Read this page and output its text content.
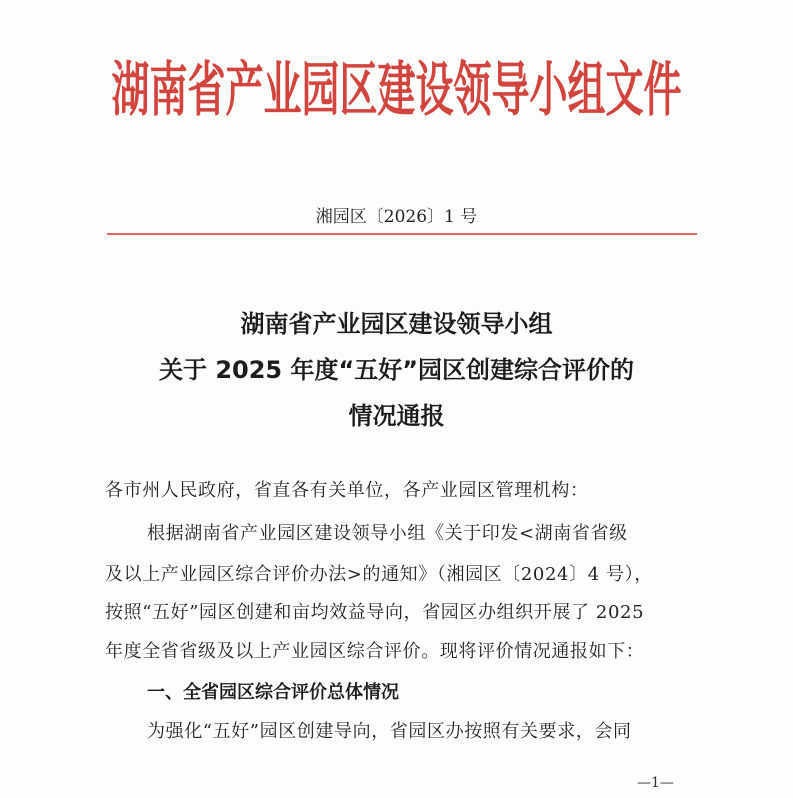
湖南省产业园区建设领导小组文件
湘园区〔2026〕1 号
湖南省产业园区建设领导小组
关于 2025 年度“五好”园区创建综合评价的
情况通报
各市州人民政府，省直各有关单位，各产业园区管理机构：
根据湖南省产业园区建设领导小组《关于印发<湖南省省级
及以上产业园区综合评价办法>的通知》（湘园区〔2024〕4 号），
按照“五好”园区创建和亩均效益导向，省园区办组织开展了 2025
年度全省省级及以上产业园区综合评价。现将评价情况通报如下：
一、全省园区综合评价总体情况
为强化“五好”园区创建导向，省园区办按照有关要求，会同
—1—
